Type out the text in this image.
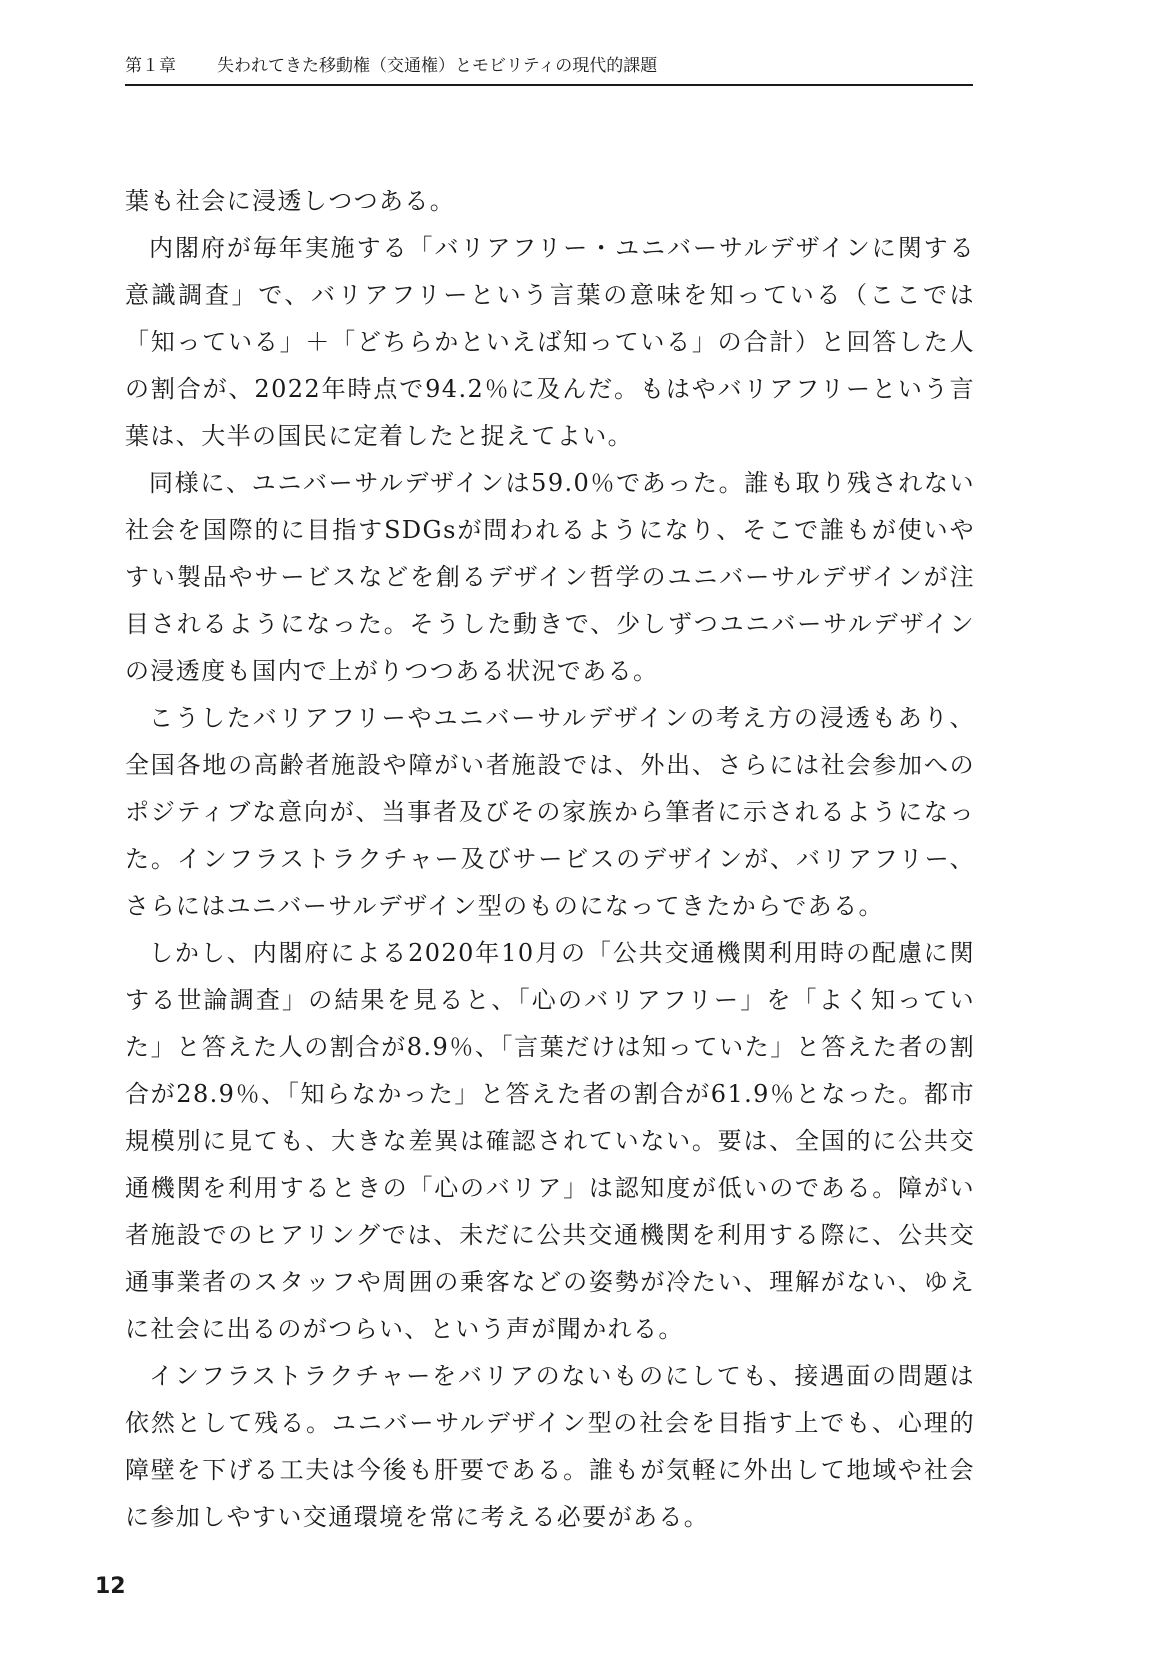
第１章 失われてきた移動権（交通権）とモビリティの現代的課題

葉も社会に浸透しつつある。

内閣府が毎年実施する「バリアフリー・ユニバーサルデザインに関する意識調査」で、バリアフリーという言葉の意味を知っている（ここでは「知っている」＋「どちらかといえば知っている」の合計）と回答した人の割合が、2022年時点で94.2％に及んだ。もはやバリアフリーという言葉は、大半の国民に定着したと捉えてよい。

同様に、ユニバーサルデザインは59.0％であった。誰も取り残されない社会を国際的に目指すSDGsが問われるようになり、そこで誰もが使いやすい製品やサービスなどを創るデザイン哲学のユニバーサルデザインが注目されるようになった。そうした動きで、少しずつユニバーサルデザインの浸透度も国内で上がりつつある状況である。

こうしたバリアフリーやユニバーサルデザインの考え方の浸透もあり、全国各地の高齢者施設や障がい者施設では、外出、さらには社会参加へのポジティブな意向が、当事者及びその家族から筆者に示されるようになった。インフラストラクチャー及びサービスのデザインが、バリアフリー、さらにはユニバーサルデザイン型のものになってきたからである。

しかし、内閣府による2020年10月の「公共交通機関利用時の配慮に関する世論調査」の結果を見ると、「心のバリアフリー」を「よく知っていた」と答えた人の割合が8.9％、「言葉だけは知っていた」と答えた者の割合が28.9％、「知らなかった」と答えた者の割合が61.9％となった。都市規模別に見ても、大きな差異は確認されていない。要は、全国的に公共交通機関を利用するときの「心のバリア」は認知度が低いのである。障がい者施設でのヒアリングでは、未だに公共交通機関を利用する際に、公共交通事業者のスタッフや周囲の乗客などの姿勢が冷たい、理解がない、ゆえに社会に出るのがつらい、という声が聞かれる。

インフラストラクチャーをバリアのないものにしても、接遇面の問題は依然として残る。ユニバーサルデザイン型の社会を目指す上でも、心理的障壁を下げる工夫は今後も肝要である。誰もが気軽に外出して地域や社会に参加しやすい交通環境を常に考える必要がある。

12
